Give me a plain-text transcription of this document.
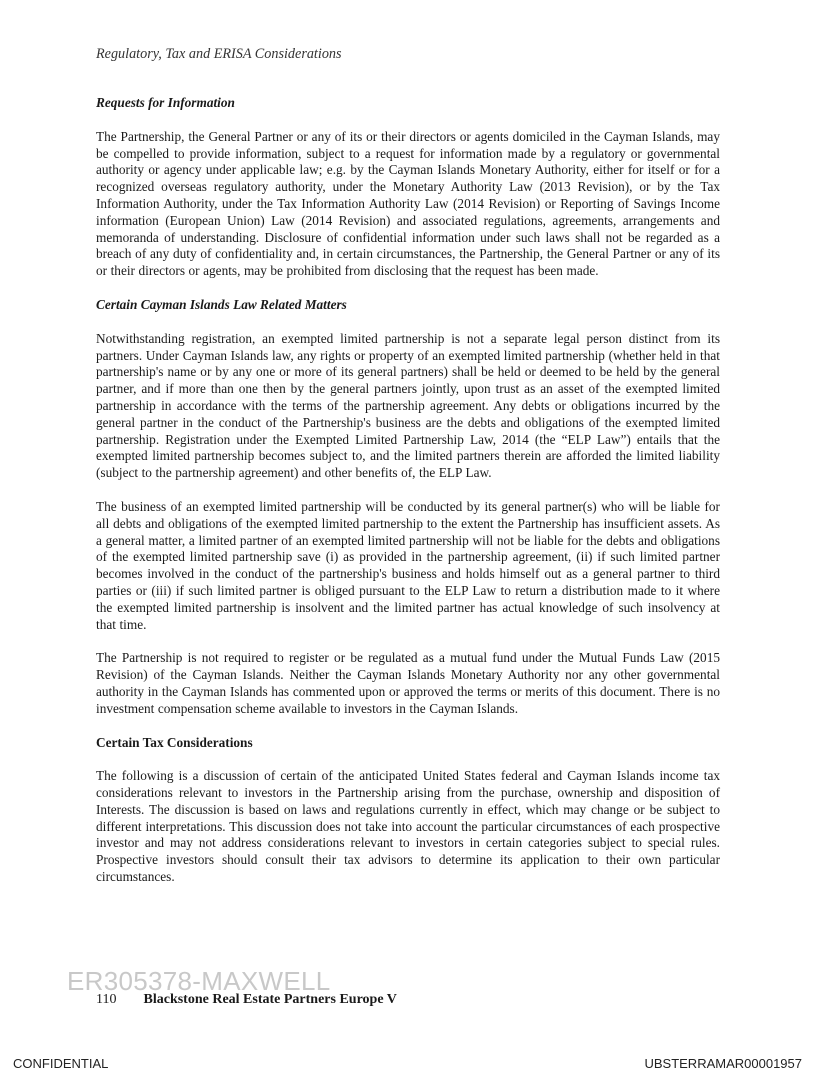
Regulatory, Tax and ERISA Considerations
Requests for Information

The Partnership, the General Partner or any of its or their directors or agents domiciled in the Cayman Islands, may be compelled to provide information, subject to a request for information made by a regulatory or governmental authority or agency under applicable law; e.g. by the Cayman Islands Monetary Authority, either for itself or for a recognized overseas regulatory authority, under the Monetary Authority Law (2013 Revision), or by the Tax Information Authority, under the Tax Information Authority Law (2014 Revision) or Reporting of Savings Income information (European Union) Law (2014 Revision) and associated regulations, agreements, arrangements and memoranda of understanding. Disclosure of confidential information under such laws shall not be regarded as a breach of any duty of confidentiality and, in certain circumstances, the Partnership, the General Partner or any of its or their directors or agents, may be prohibited from disclosing that the request has been made.

Certain Cayman Islands Law Related Matters

Notwithstanding registration, an exempted limited partnership is not a separate legal person distinct from its partners. Under Cayman Islands law, any rights or property of an exempted limited partnership (whether held in that partnership's name or by any one or more of its general partners) shall be held or deemed to be held by the general partner, and if more than one then by the general partners jointly, upon trust as an asset of the exempted limited partnership in accordance with the terms of the partnership agreement. Any debts or obligations incurred by the general partner in the conduct of the Partnership's business are the debts and obligations of the exempted limited partnership. Registration under the Exempted Limited Partnership Law, 2014 (the “ELP Law”) entails that the exempted limited partnership becomes subject to, and the limited partners therein are afforded the limited liability (subject to the partnership agreement) and other benefits of, the ELP Law.

The business of an exempted limited partnership will be conducted by its general partner(s) who will be liable for all debts and obligations of the exempted limited partnership to the extent the Partnership has insufficient assets. As a general matter, a limited partner of an exempted limited partnership will not be liable for the debts and obligations of the exempted limited partnership save (i) as provided in the partnership agreement, (ii) if such limited partner becomes involved in the conduct of the partnership's business and holds himself out as a general partner to third parties or (iii) if such limited partner is obliged pursuant to the ELP Law to return a distribution made to it where the exempted limited partnership is insolvent and the limited partner has actual knowledge of such insolvency at that time.

The Partnership is not required to register or be regulated as a mutual fund under the Mutual Funds Law (2015 Revision) of the Cayman Islands. Neither the Cayman Islands Monetary Authority nor any other governmental authority in the Cayman Islands has commented upon or approved the terms or merits of this document. There is no investment compensation scheme available to investors in the Cayman Islands.

Certain Tax Considerations

The following is a discussion of certain of the anticipated United States federal and Cayman Islands income tax considerations relevant to investors in the Partnership arising from the purchase, ownership and disposition of Interests. The discussion is based on laws and regulations currently in effect, which may change or be subject to different interpretations. This discussion does not take into account the particular circumstances of each prospective investor and may not address considerations relevant to investors in certain categories subject to special rules. Prospective investors should consult their tax advisors to determine its application to their own particular circumstances.

ER305378-MAXWELL
110 Blackstone Real Estate Partners Europe V
CONFIDENTIAL	UBSTERRAMAR00001957
